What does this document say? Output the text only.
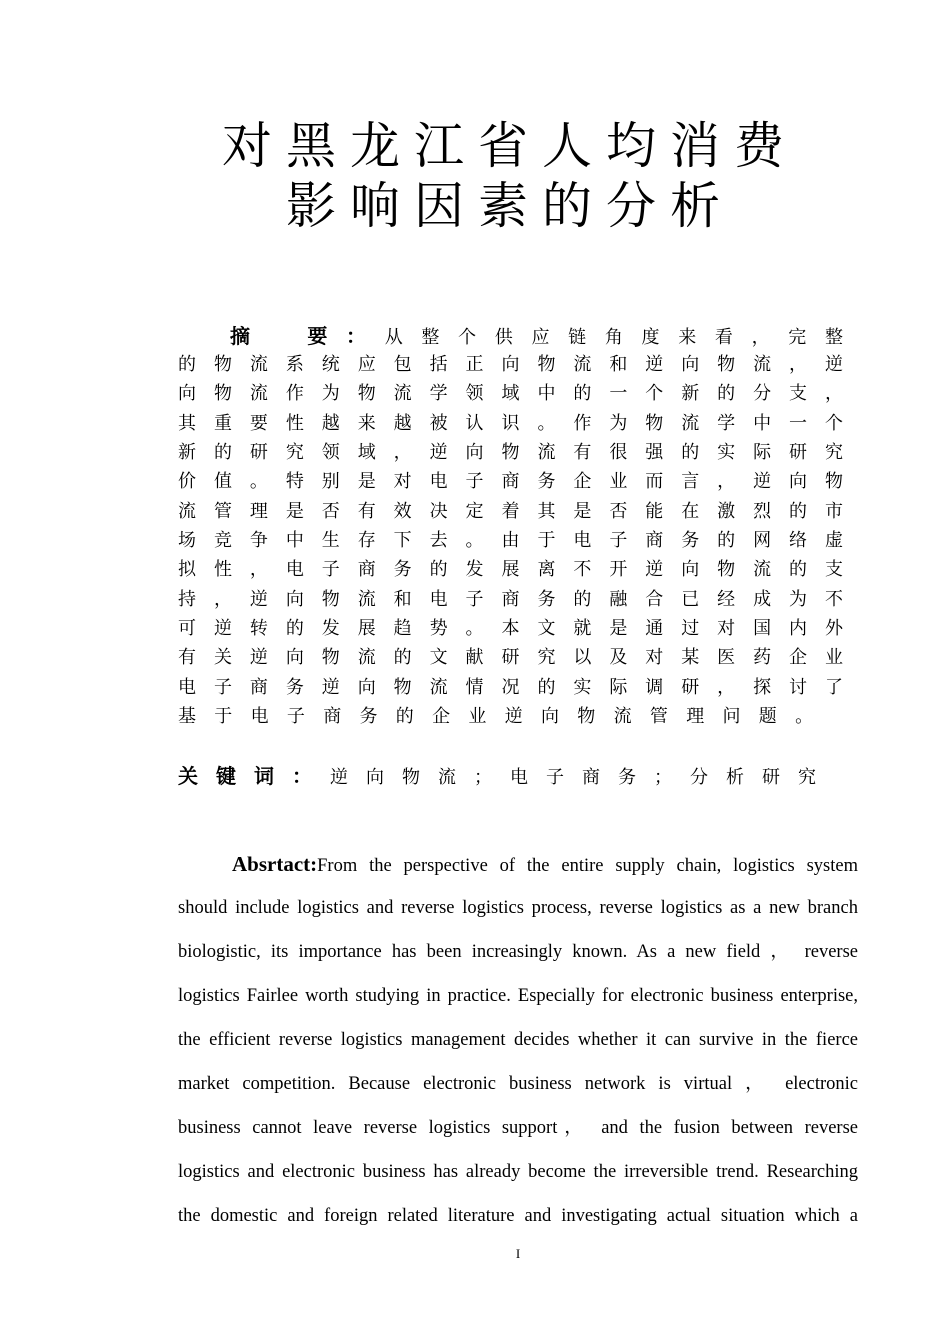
对黑龙江省人均消费
影响因素的分析
摘　要：从整个供应链角度来看，完整
的物流系统应包括正向物流和逆向物流，逆
向物流作为物流学领域中的一个新的分支，
其重要性越来越被认识。作为物流学中一个
新的研究领域，逆向物流有很强的实际研究
价值。特别是对电子商务企业而言，逆向物
流管理是否有效决定着其是否能在激烈的市
场竞争中生存下去。由于电子商务的网络虚
拟性，电子商务的发展离不开逆向物流的支
持，逆向物流和电子商务的融合已经成为不
可逆转的发展趋势。本文就是通过对国内外
有关逆向物流的文献研究以及对某医药企业
电子商务逆向物流情况的实际调研，探讨了
基于电子商务的企业逆向物流管理问题。
关键词：逆向物流；电子商务；分析研究
Absrtact:From the perspective of the entire supply chain, logistics system
should include logistics and reverse logistics process, reverse logistics as a new branch
biologistic, its importance has been increasingly known. As a new field ， reverse
logistics Fairlee worth studying in practice. Especially for electronic business enterprise,
the efficient reverse logistics management decides whether it can survive in the fierce
market competition. Because electronic business network is virtual ， electronic
business cannot leave reverse logistics support， and the fusion between reverse
logistics and electronic business has already become the irreversible trend. Researching
the domestic and foreign related literature and investigating actual situation which a
I
